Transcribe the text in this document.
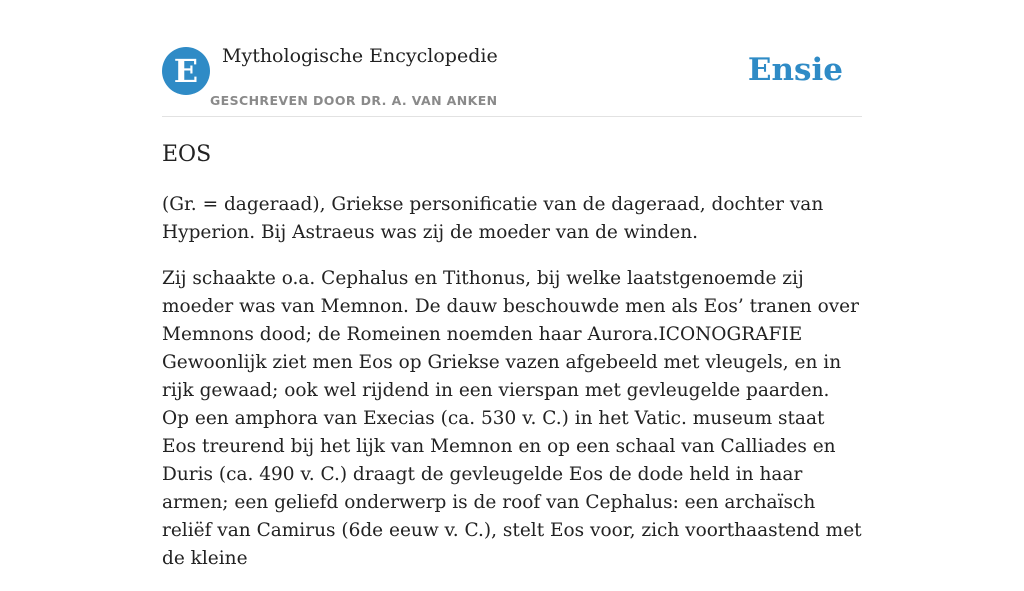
E	Mythologische Encyclopedie
GESCHREVEN DOOR DR. A. VAN ANKEN
Ensie
EOS

(Gr. = dageraad), Griekse personificatie van de dageraad, dochter van Hyperion. Bij Astraeus was zij de moeder van de winden.

Zij schaakte o.a. Cephalus en Tithonus, bij welke laatstgenoemde zij moeder was van Memnon. De dauw beschouwde men als Eos’ tranen over Memnons dood; de Romeinen noemden haar Aurora.ICONOGRAFIE Gewoonlijk ziet men Eos op Griekse vazen afgebeeld met vleugels, en in rijk gewaad; ook wel rijdend in een vierspan met gevleugelde paarden. Op een amphora van Execias (ca. 530 v. C.) in het Vatic. museum staat Eos treurend bij het lijk van Memnon en op een schaal van Calliades en Duris (ca. 490 v. C.) draagt de gevleugelde Eos de dode held in haar armen; een geliefd onderwerp is de roof van Cephalus: een archaïsch reliëf van Camirus (6de eeuw v. C.), stelt Eos voor, zich voorthaastend met de kleine
